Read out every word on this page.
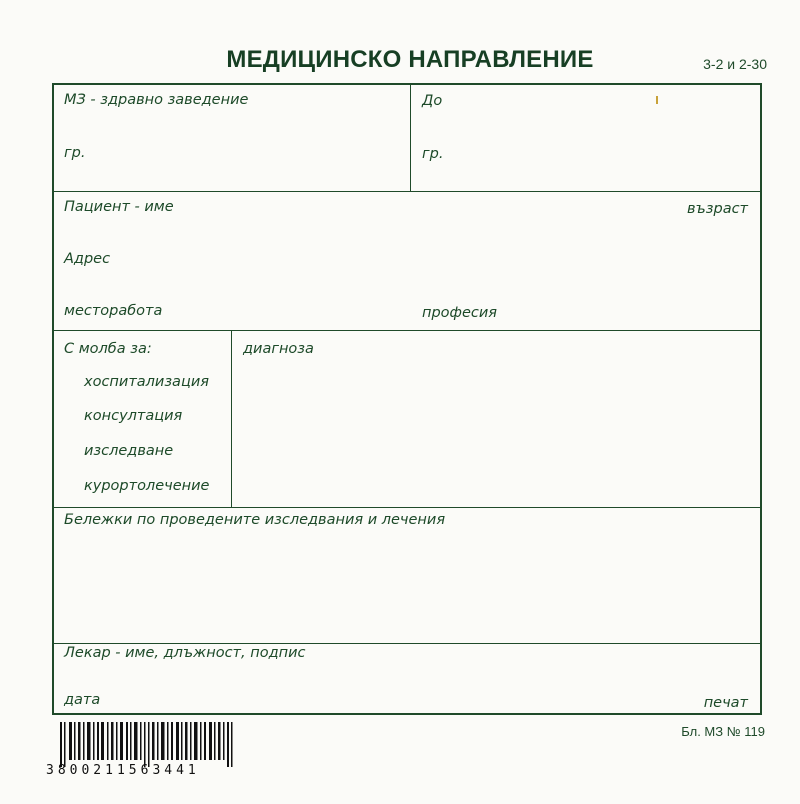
МЕДИЦИНСКО НАПРАВЛЕНИЕ	3-2 и 2-30
МЗ - здравно заведение
гр.
До
гр.
Пациент - име	възраст
Адрес
месторабота	професия
С молба за:
хоспитализация
консултация
изследване
курортолечение
диагноза
Бележки по проведените изследвания и лечения
Лекар - име, длъжност, подпис
дата	печат
3800211563441
Бл. МЗ № 119
